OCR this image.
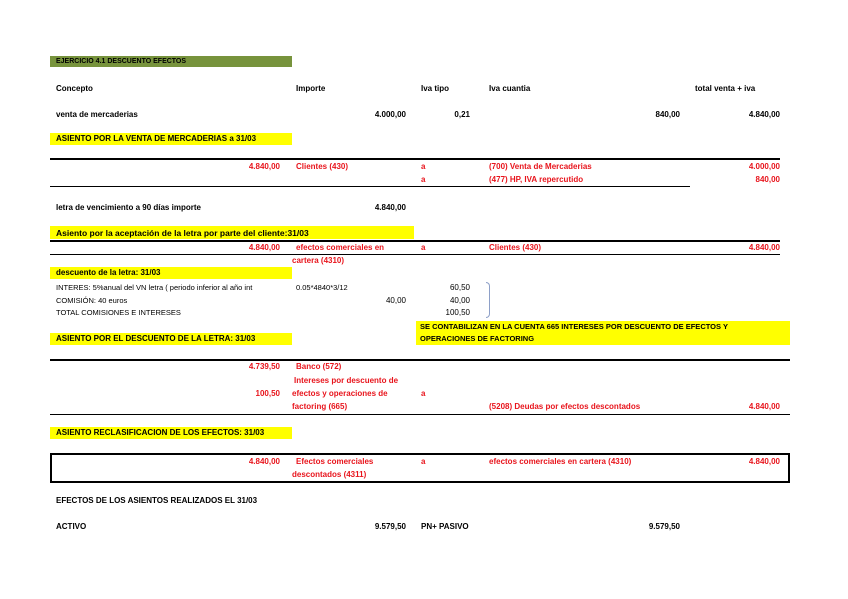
EJERCICIO 4.1 DESCUENTO EFECTOS
Concepto	Importe	Iva tipo	Iva cuantia	total venta + iva
venta de mercaderias	4.000,00	0,21	840,00	4.840,00
ASIENTO POR LA VENTA DE MERCADERIAS a 31/03
4.840,00 Clientes (430)	a	(700) Venta de Mercaderias	4.000,00
a	(477) HP, IVA repercutido	840,00
letra de vencimiento a 90 días importe	4.840,00
Asiento por la aceptación de la letra por parte del cliente:31/03
4.840,00 efectos comerciales en
cartera (4310)
a	Clientes (430)	4.840,00
descuento de la letra: 31/03
INTERES: 5%anual del VN letra ( periodo inferior al año int	0.05*4840*3/12	60,50
COMISIÓN: 40 euros	40,00	40,00
TOTAL COMISIONES E INTERESES	100,50
SE CONTABILIZAN EN LA CUENTA 665 INTERESES POR DESCUENTO DE EFECTOS Y
OPERACIONES DE FACTORING
ASIENTO POR EL DESCUENTO DE LA LETRA: 31/03
4.739,50 Banco (572)
Intereses por descuento de
100,50 efectos y operaciones de	a
factoring (665)	(5208) Deudas por efectos descontados	4.840,00
ASIENTO RECLASIFICACION DE LOS EFECTOS: 31/03
4.840,00 Efectos comerciales
descontados (4311)
a	efectos comerciales en cartera (4310)	4.840,00
EFECTOS DE LOS ASIENTOS REALIZADOS EL 31/03
ACTIVO	9.579,50 PN+ PASIVO	9.579,50
